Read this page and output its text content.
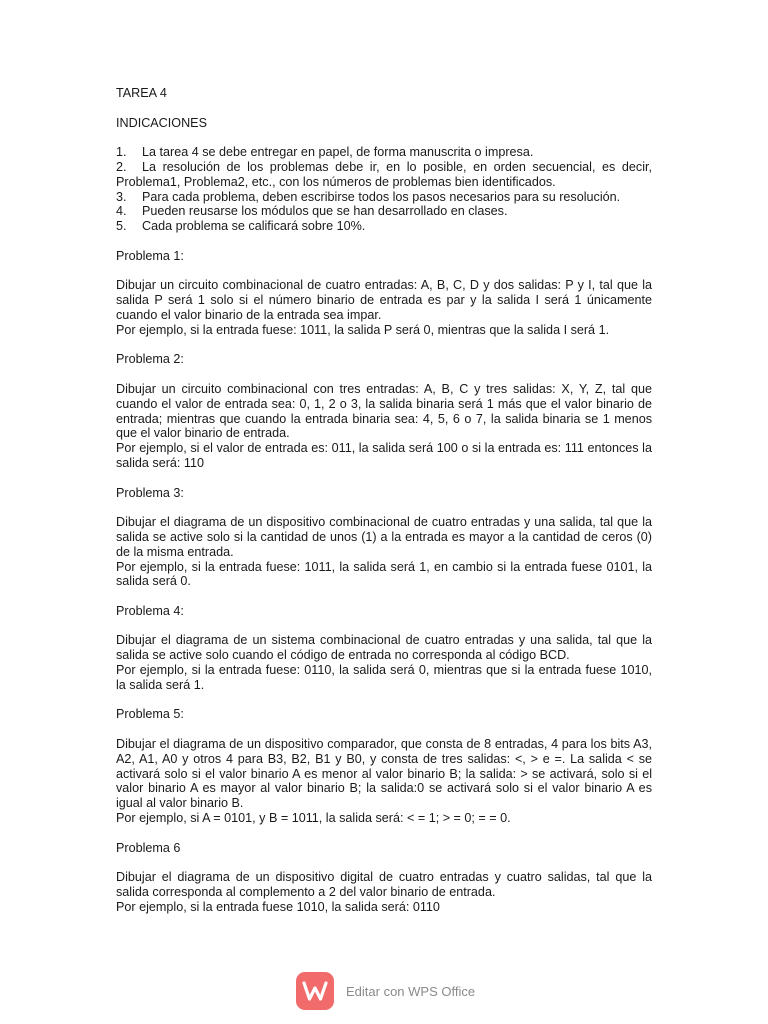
TAREA 4

INDICACIONES

1.	La tarea 4 se debe entregar en papel, de forma manuscrita o impresa.

2. La resolución de los problemas debe ir, en lo posible, en orden secuencial, es decir, Problema1, Problema2, etc., con los números de problemas bien identificados.

3.	Para cada problema, deben escribirse todos los pasos necesarios para su resolución.
4.	Pueden reusarse los módulos que se han desarrollado en clases.
5.	Cada problema se calificará sobre 10%.

Problema 1:

Dibujar un circuito combinacional de cuatro entradas: A, B, C, D y dos salidas: P y I, tal que la salida P será 1 solo si el número binario de entrada es par y la salida I será 1 únicamente cuando el valor binario de la entrada sea impar.

Por ejemplo, si la entrada fuese: 1011, la salida P será 0, mientras que la salida I será 1.

Problema 2:

Dibujar un circuito combinacional con tres entradas: A, B, C y tres salidas: X, Y, Z, tal que cuando el valor de entrada sea: 0, 1, 2 o 3, la salida binaria será 1 más que el valor binario de entrada; mientras que cuando la entrada binaria sea: 4, 5, 6 o 7, la salida binaria se 1 menos que el valor binario de entrada.

Por ejemplo, si el valor de entrada es: 011, la salida será 100 o si la entrada es: 111 entonces la salida será: 110

Problema 3:

Dibujar el diagrama de un dispositivo combinacional de cuatro entradas y una salida, tal que la salida se active solo si la cantidad de unos (1) a la entrada es mayor a la cantidad de ceros (0) de la misma entrada.

Por ejemplo, si la entrada fuese: 1011, la salida será 1, en cambio si la entrada fuese 0101, la salida será 0.

Problema 4:

Dibujar el diagrama de un sistema combinacional de cuatro entradas y una salida, tal que la salida se active solo cuando el código de entrada no corresponda al código BCD.

Por ejemplo, si la entrada fuese: 0110, la salida será 0, mientras que si la entrada fuese 1010, la salida será 1.

Problema 5:

Dibujar el diagrama de un dispositivo comparador, que consta de 8 entradas, 4 para los bits A3, A2, A1, A0 y otros 4 para B3, B2, B1 y B0, y consta de tres salidas: <, > e =. La salida < se activará solo si el valor binario A es menor al valor binario B; la salida: > se activará, solo si el valor binario A es mayor al valor binario B; la salida:0 se activará solo si el valor binario A es igual al valor binario B.

Por ejemplo, si A = 0101, y B = 1011, la salida será: < = 1; > = 0; = = 0.

Problema 6

Dibujar el diagrama de un dispositivo digital de cuatro entradas y cuatro salidas, tal que la salida corresponda al complemento a 2 del valor binario de entrada.

Por ejemplo, si la entrada fuese 1010, la salida será: 0110

Editar con WPS Office
